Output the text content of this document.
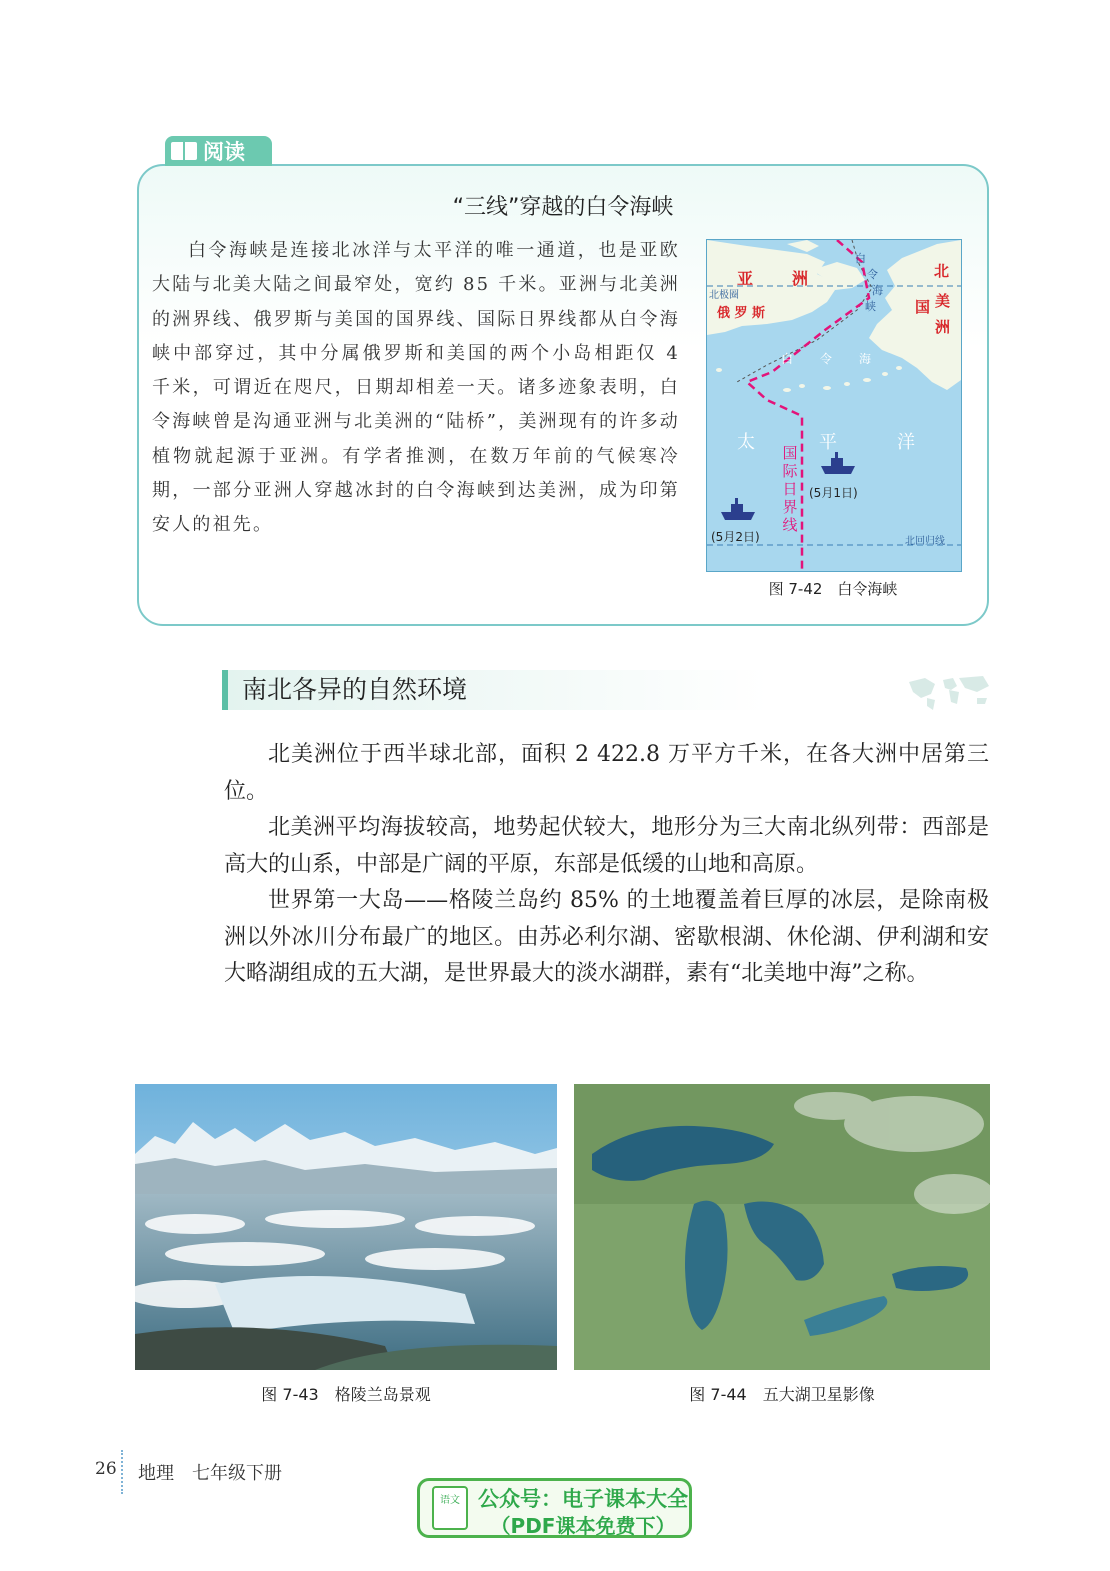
阅读
“三线”穿越的白令海峡

白令海峡是连接北冰洋与太平洋的唯一通道，也是亚欧大陆与北美大陆之间最窄处，宽约 85 千米。亚洲与北美洲的洲界线、俄罗斯与美国的国界线、国际日界线都从白令海峡中部穿过，其中分属俄罗斯和美国的两个小岛相距仅 4 千米，可谓近在咫尺，日期却相差一天。诸多迹象表明，白令海峡曾是沟通亚洲与北美洲的“陆桥”，美洲现有的许多动植物就起源于亚洲。有学者推测，在数万年前的气候寒冷期，一部分亚洲人穿越冰封的白令海峡到达美洲，成为印第安人的祖先。

亚 洲
北极圈
俄 罗 斯
北
美
洲
国
白
令
海
峡
白 令 海
太	平	洋
国
际
日
界
线
(5月1日)
(5月2日)	北回归线
图 7-42　白令海峡
南北各异的自然环境

北美洲位于西半球北部，面积 2 422.8 万平方千米，在各大洲中居第三位。

北美洲平均海拔较高，地势起伏较大，地形分为三大南北纵列带：西部是高大的山系，中部是广阔的平原，东部是低缓的山地和高原。

世界第一大岛——格陵兰岛约 85% 的土地覆盖着巨厚的冰层，是除南极洲以外冰川分布最广的地区。由苏必利尔湖、密歇根湖、休伦湖、伊利湖和安大略湖组成的五大湖，是世界最大的淡水湖群，素有“北美地中海”之称。

图 7-43　格陵兰岛景观	图 7-44　五大湖卫星影像
26 地理　七年级下册
语文 公众号：电子课本大全
（PDF课本免费下）
